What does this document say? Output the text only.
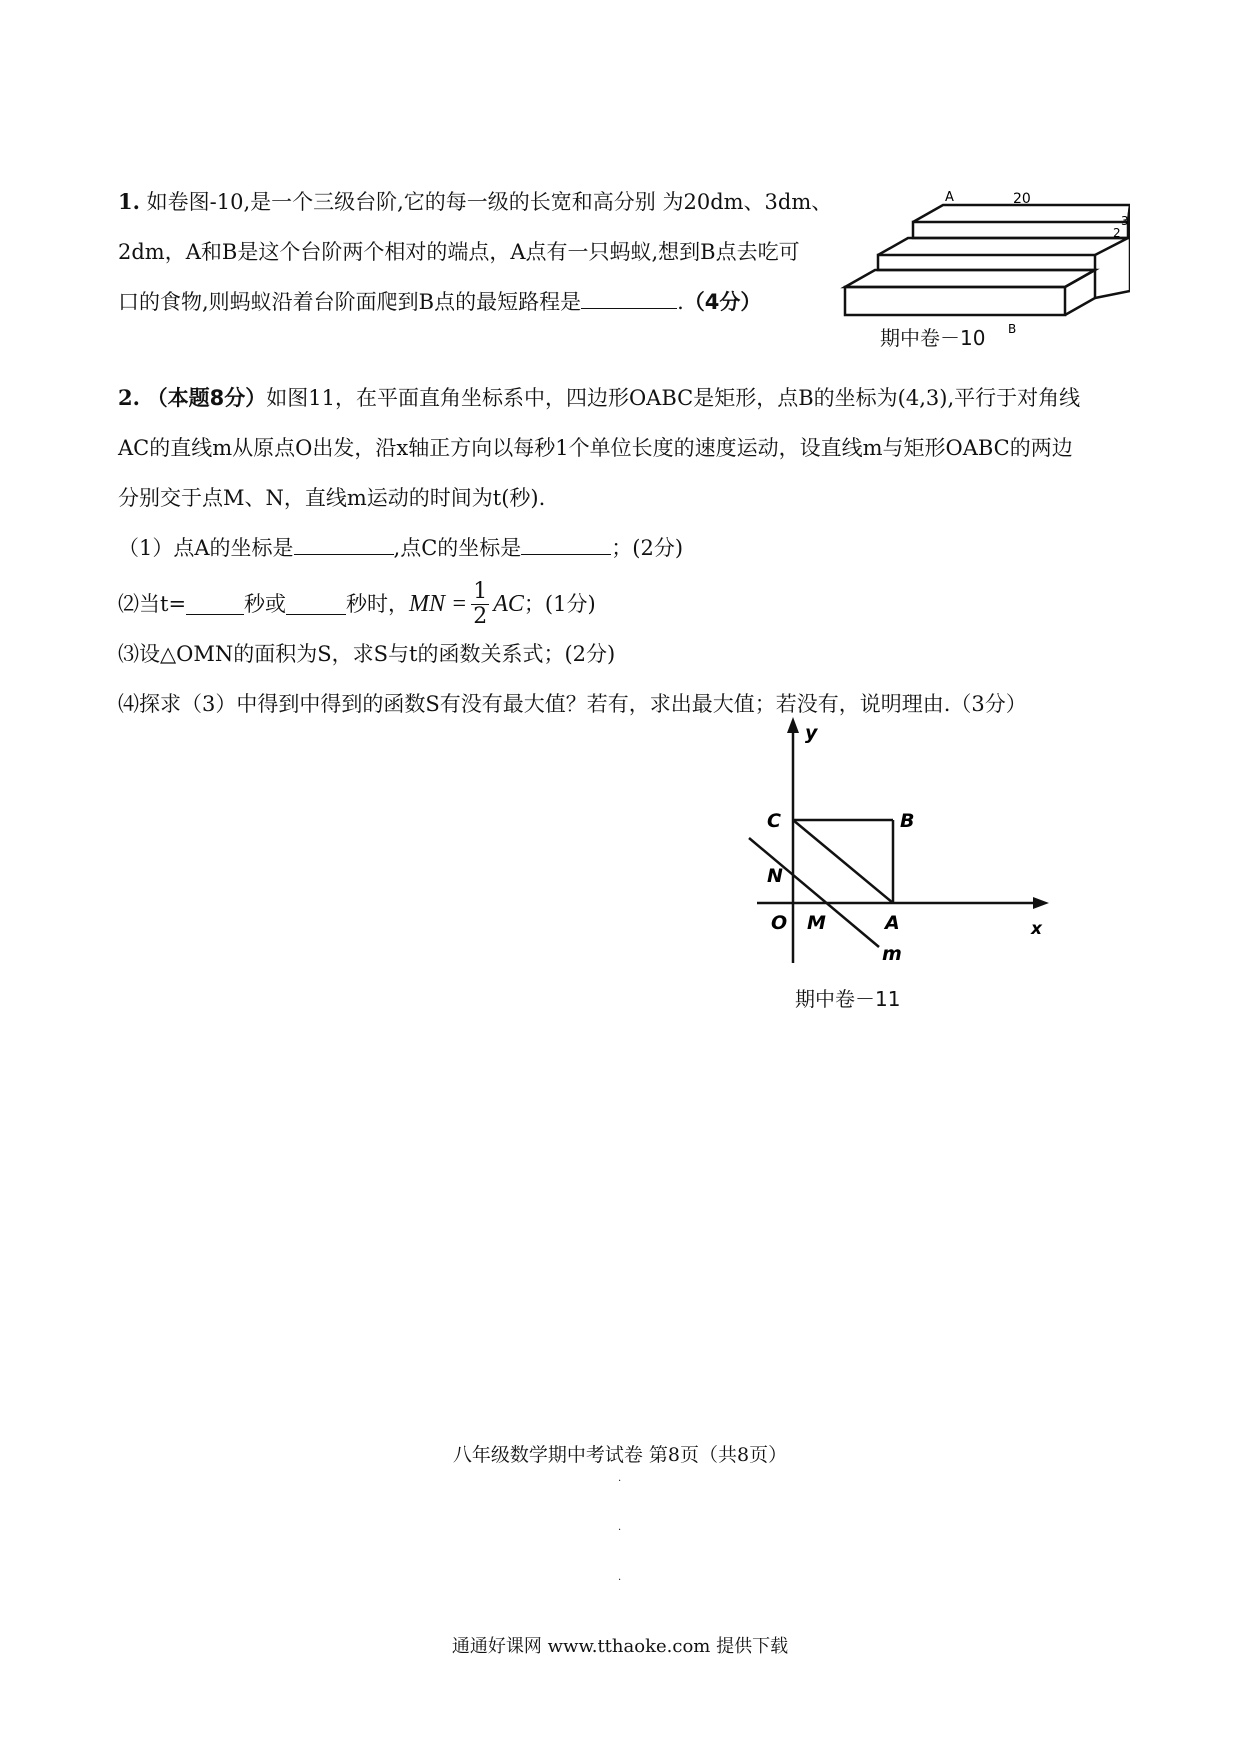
1. 如卷图-10,是一个三级台阶,它的每一级的长宽和高分别 为20dm、3dm、
2dm，A和B是这个台阶两个相对的端点，A点有一只蚂蚁,想到B点去吃可
口的食物,则蚂蚁沿着台阶面爬到B点的最短路程是	.（4分）
A	20
2
3
B
期中卷－10
2. （本题8分）如图11，在平面直角坐标系中，四边形OABC是矩形，点B的坐标为(4,3),平行于对角线
AC的直线m从原点O出发，沿x轴正方向以每秒1个单位长度的速度运动，设直线m与矩形OABC的两边
分别交于点M、N，直线m运动的时间为t(秒).
（1）点A的坐标是	,点C的坐标是	；(2分)
⑵当t=	秒或	秒时， MN = $\frac{1}{2}$ AC ；(1分)
⑶设△OMN的面积为S，求S与t的函数关系式；(2分)
⑷探求（3）中得到中得到的函数S有没有最大值？若有，求出最大值；若没有，说明理由.（3分）
y
x
C	B
N
O M	A
m
期中卷－11
八年级数学期中考试卷 第8页（共8页）
.
.
.
通通好课网 www.tthaoke.com 提供下载
